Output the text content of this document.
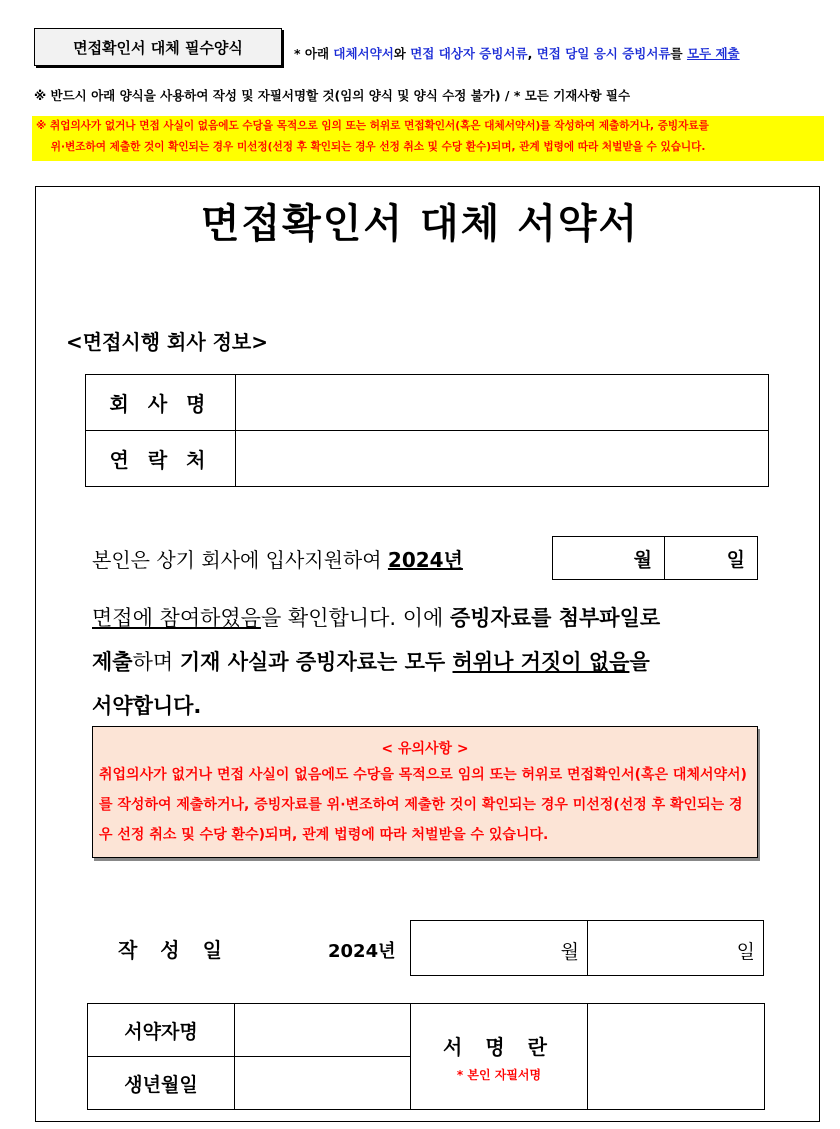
면접확인서 대체 필수양식	* 아래 대체서약서와 면접 대상자 증빙서류, 면접 당일 응시 증빙서류를 모두 제출
※ 반드시 아래 양식을 사용하여 작성 및 자필서명할 것(임의 양식 및 양식 수정 불가) / * 모든 기재사항 필수
※ 취업의사가 없거나 면접 사실이 없음에도 수당을 목적으로 임의 또는 허위로 면접확인서(혹은 대체서약서)를 작성하여 제출하거나, 증빙자료를
위·변조하여 제출한 것이 확인되는 경우 미선정(선정 후 확인되는 경우 선정 취소 및 수당 환수)되며, 관계 법령에 따라 처벌받을 수 있습니다.
면접확인서 대체 서약서
<면접시행 회사 정보>
회 사 명	
연 락 처	
본인은 상기 회사에 입사지원하여 2024년	월	일
면접에 참여하였음을 확인합니다. 이에 증빙자료를 첨부파일로
제출하며 기재 사실과 증빙자료는 모두 허위나 거짓이 없음을
서약합니다.
< 유의사항 >
취업의사가 없거나 면접 사실이 없음에도 수당을 목적으로 임의 또는 허위로 면접확인서(혹은 대체서약서)를 작성하여 제출하거나, 증빙자료를 위·변조하여 제출한 것이 확인되는 경우 미선정(선정 후 확인되는 경우 선정 취소 및 수당 환수)되며, 관계 법령에 따라 처벌받을 수 있습니다.
작 성 일	2024년	월	일
서약자명		서 명 란
* 본인 자필서명	

생년월일			
